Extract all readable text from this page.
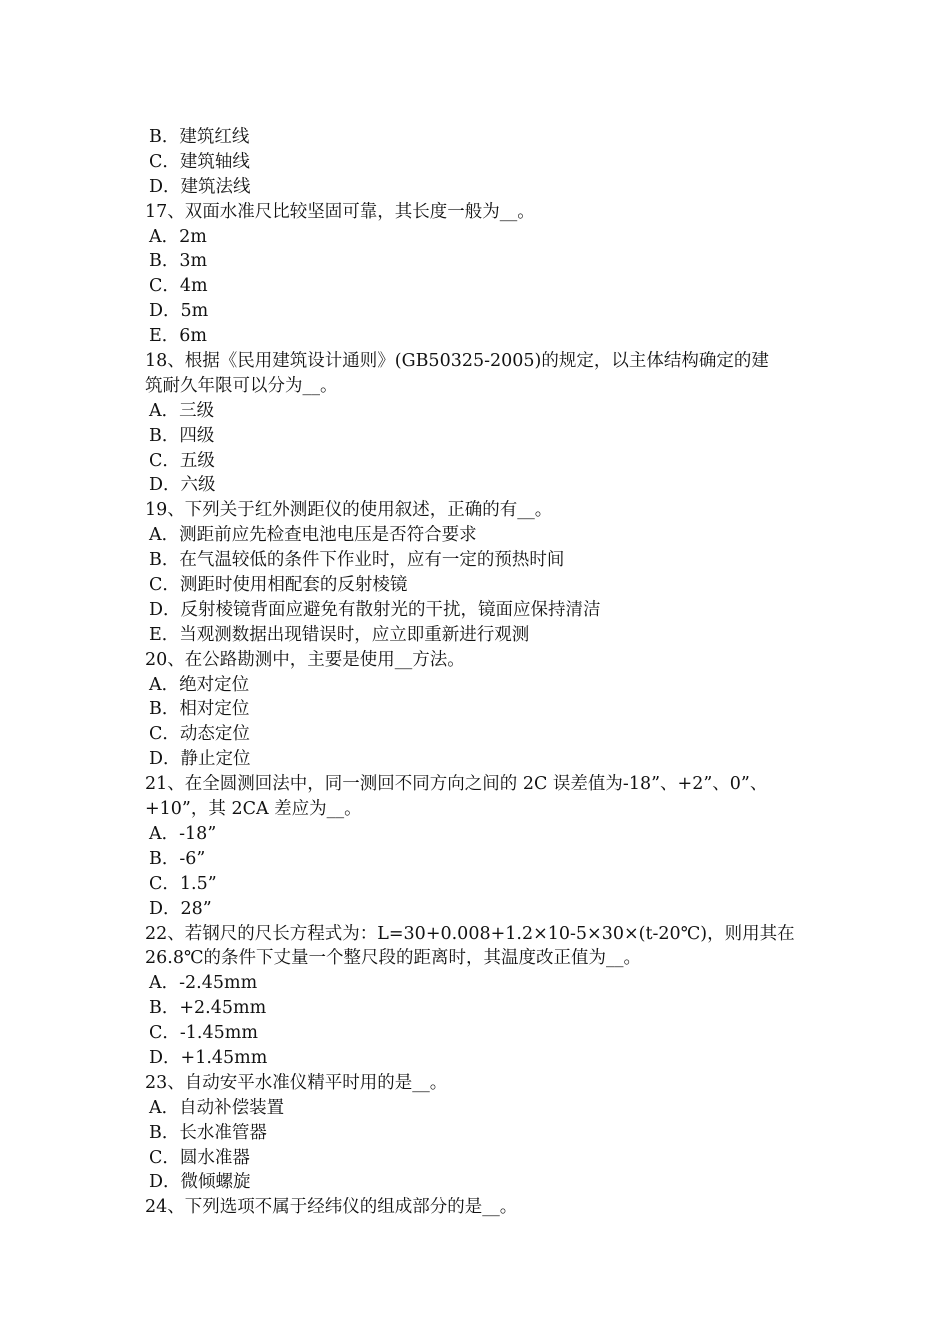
B．建筑红线
C．建筑轴线
D．建筑法线
17、双面水准尺比较坚固可靠，其长度一般为__。
A．2m
B．3m
C．4m
D．5m
E．6m
18、根据《民用建筑设计通则》(GB50325-2005)的规定，以主体结构确定的建
筑耐久年限可以分为__。
A．三级
B．四级
C．五级
D．六级
19、下列关于红外测距仪的使用叙述，正确的有__。
A．测距前应先检查电池电压是否符合要求
B．在气温较低的条件下作业时，应有一定的预热时间
C．测距时使用相配套的反射棱镜
D．反射棱镜背面应避免有散射光的干扰，镜面应保持清洁
E．当观测数据出现错误时，应立即重新进行观测
20、在公路勘测中，主要是使用__方法。
A．绝对定位
B．相对定位
C．动态定位
D．静止定位
21、在全圆测回法中，同一测回不同方向之间的 2C 误差值为-18”、+2”、0”、
+10”，其 2CA 差应为__。
A．-18”
B．-6”
C．1.5”
D．28”
22、若钢尺的尺长方程式为：L=30+0.008+1.2×10-5×30×(t-20℃)，则用其在
26.8℃的条件下丈量一个整尺段的距离时，其温度改正值为__。
A．-2.45mm
B．+2.45mm
C．-1.45mm
D．+1.45mm
23、自动安平水准仪精平时用的是__。
A．自动补偿装置
B．长水准管器
C．圆水准器
D．微倾螺旋
24、下列选项不属于经纬仪的组成部分的是__。
